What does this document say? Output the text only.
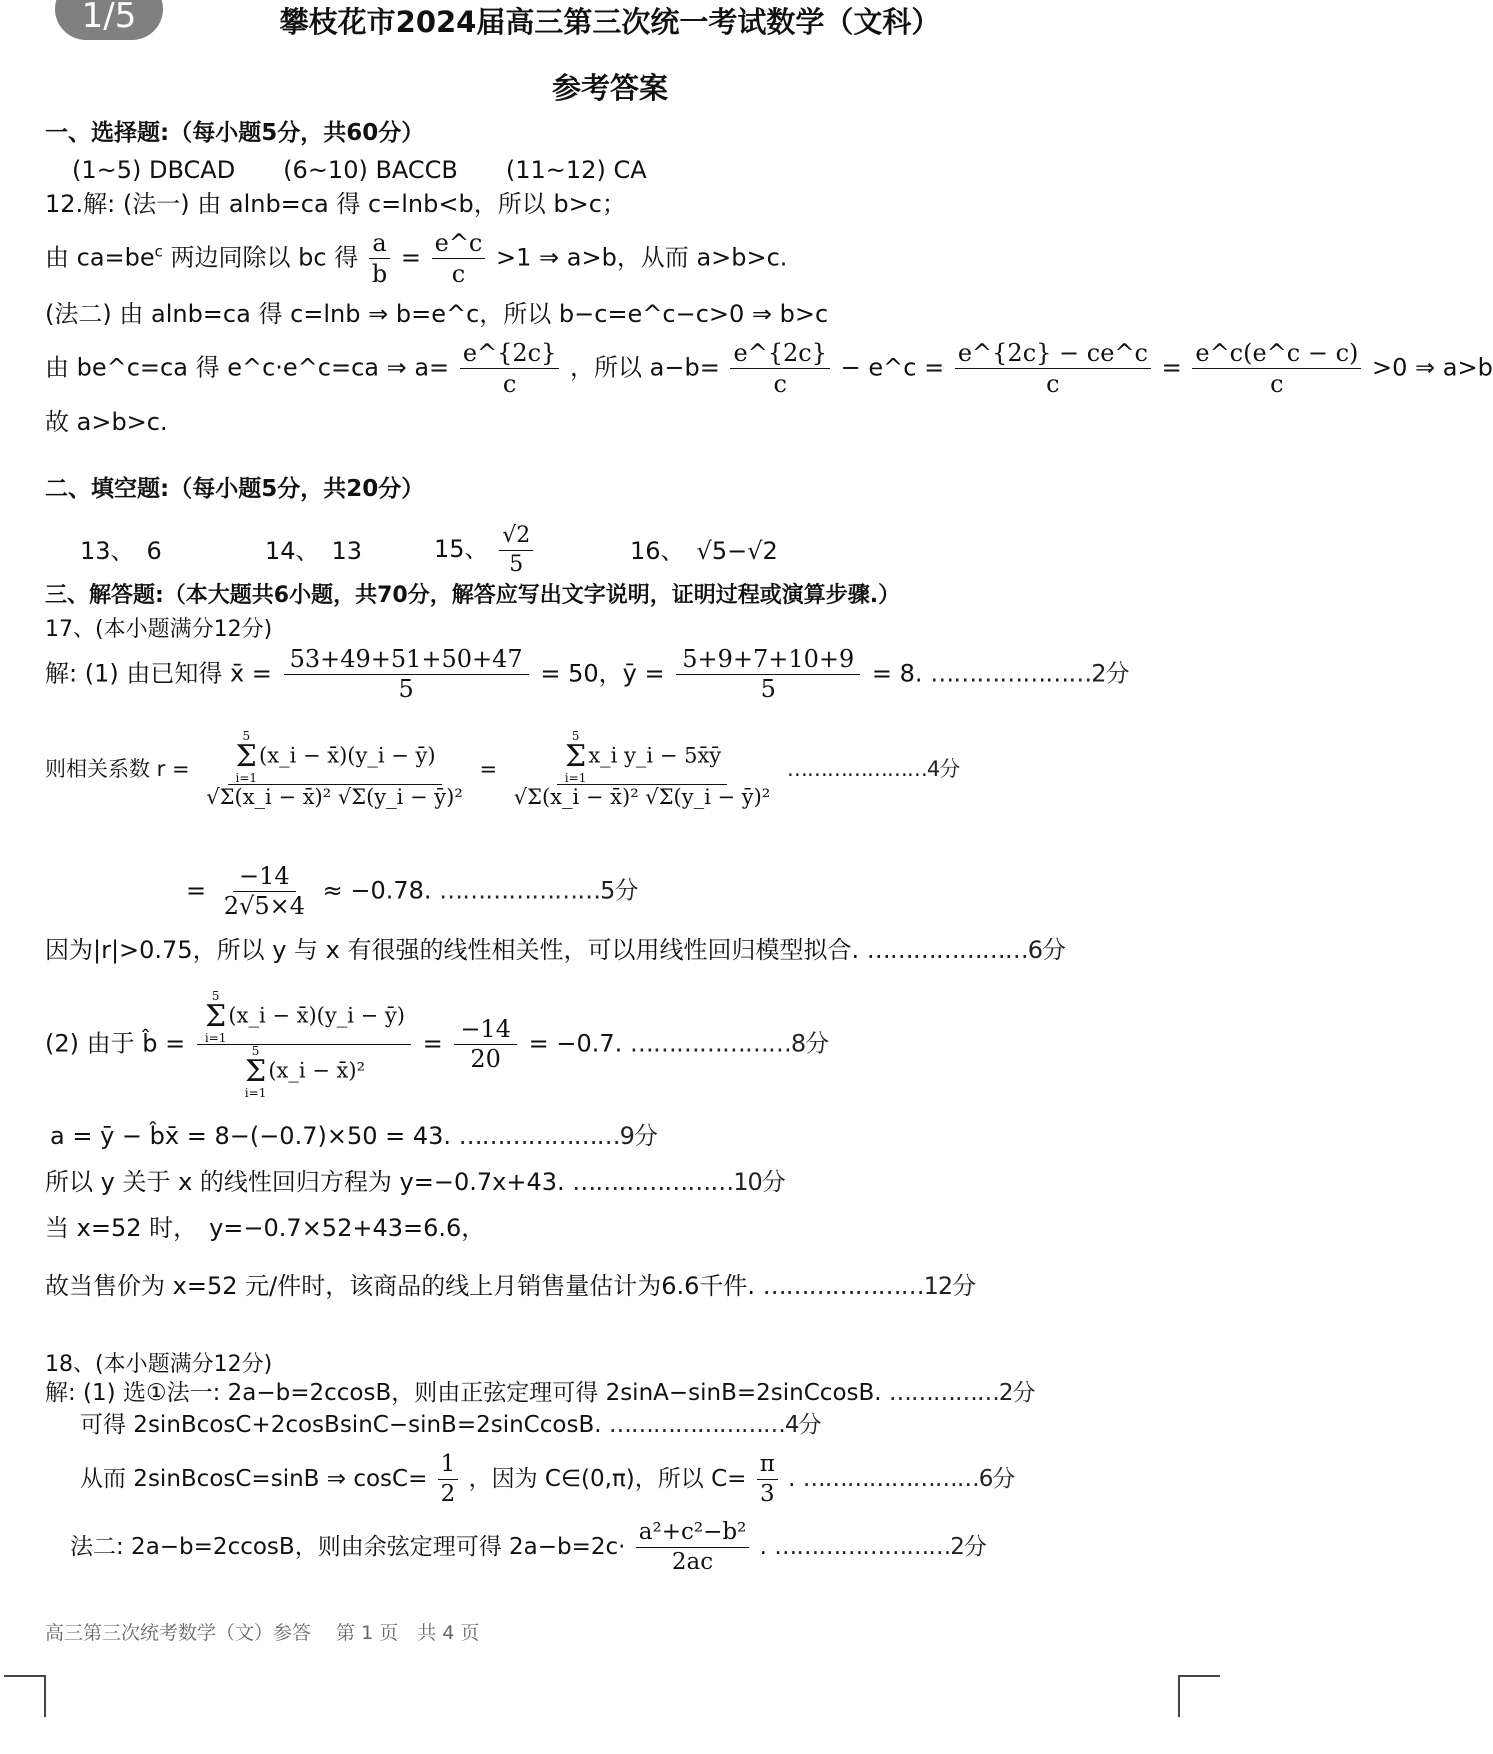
1/5	攀枝花市2024届高三第三次统一考试数学（文科）
参考答案
一、选择题:（每小题5分，共60分）
(1~5) DBCAD　　(6~10) BACCB　　(11~12) CA
12.解: (法一) 由 alnb=ca 得 c=lnb<b，所以 b>c；
由 $ca=be^c$ 两边同除以 bc 得 $\frac{a}{b} = \frac{e\^{}c}{c} >1$ ⇒ a>b，从而 a>b>c.
(法二) 由 alnb=ca 得 c=lnb ⇒ b=e^c，所以 b−c=e^c−c>0 ⇒ b>c
由 be^c=ca 得 e^c·e^c=ca ⇒ $a= \frac{e\^{}\{2c\}}{c}$ ，所以 $a-b= \frac{e\^{}\{2c\}}{c}$ − e^c = $\frac{e\^{}\{2c\} - ce\^{}c}{c} = \frac{e\^{}c(e\^{}c - c)}{c} >0$ ⇒ a>b
故 a>b>c.
二、填空题:（每小题5分，共20分）
13、　6	14、　13	15、 $\frac{√2}{5}$	16、　√5−√2
三、解答题:（本大题共6小题，共70分，解答应写出文字说明，证明过程或演算步骤.）
17、(本小题满分12分)
解: (1) 由已知得 x̄ = $\frac{53+49+51+50+47}{5} = 50$，ȳ = $\frac{5+9+7+10+9}{5} = 8$. …………………2分
则相关系数 r = 5
Σ
i=1
(x_i − x̄)(y_i − ȳ)
√Σ(x_i − x̄)² √Σ(y_i − ȳ)² = 5
Σ
i=1
x_i y_i − 5x̄ȳ
√Σ(x_i − x̄)² √Σ(y_i − ȳ)² …………………4分
= $\frac{-14}{2√5\times 4} \approx -0.78$. …………………5分
因为|r|>0.75，所以 y 与 x 有很强的线性相关性，可以用线性回归模型拟合. …………………6分
(2) 由于 b̂ = 5
Σ
i=1
(x_i − x̄)(y_i − ȳ)
5
Σ
i=1
(x_i − x̄)² = $\frac{-14}{20} = -0.7$. …………………8分
a = ȳ − b̂x̄ = 8−(−0.7)×50 = 43. …………………9分
所以 y 关于 x 的线性回归方程为 y=−0.7x+43. …………………10分
当 x=52 时，　y=−0.7×52+43=6.6，
故当售价为 x=52 元/件时，该商品的线上月销售量估计为6.6千件. …………………12分
18、(本小题满分12分)
解: (1) 选①法一: 2a−b=2ccosB，则由正弦定理可得 2sinA−sinB=2sinCcosB. ……………2分
可得 2sinBcosC+2cosBsinC−sinB=2sinCcosB. ……………………4分
从而 2sinBcosC=sinB ⇒ $\cos C= \frac{1}{2}$ ，因为 C∈(0,π)，所以 $C= \frac{\pi}{3}$ . ……………………6分
法二: 2a−b=2ccosB，则由余弦定理可得 $2a-b=2c\cdot \frac{\text{a²+c²−b²}}{2ac}$ . ……………………2分
高三第三次统考数学（文）参答　 第 1 页　共 4 页
